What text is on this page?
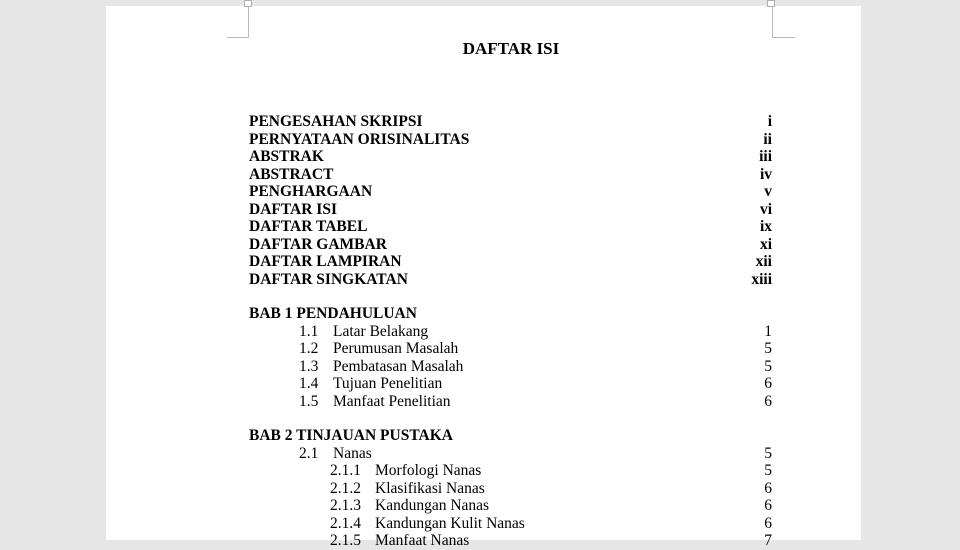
DAFTAR ISI
PENGESAHAN SKRIPSI	i
PERNYATAAN ORISINALITAS	ii
ABSTRAK	iii
ABSTRACT	iv
PENGHARGAAN	v
DAFTAR ISI	vi
DAFTAR TABEL	ix
DAFTAR GAMBAR	xi
DAFTAR LAMPIRAN	xii
DAFTAR SINGKATAN	xiii
BAB 1 PENDAHULUAN
1.1 Latar Belakang	1
1.2 Perumusan Masalah	5
1.3 Pembatasan Masalah	5
1.4 Tujuan Penelitian	6
1.5 Manfaat Penelitian	6
BAB 2 TINJAUAN PUSTAKA
2.1 Nanas	5
2.1.1 Morfologi Nanas	5
2.1.2 Klasifikasi Nanas	6
2.1.3 Kandungan Nanas	6
2.1.4 Kandungan Kulit Nanas	6
2.1.5 Manfaat Nanas	7
